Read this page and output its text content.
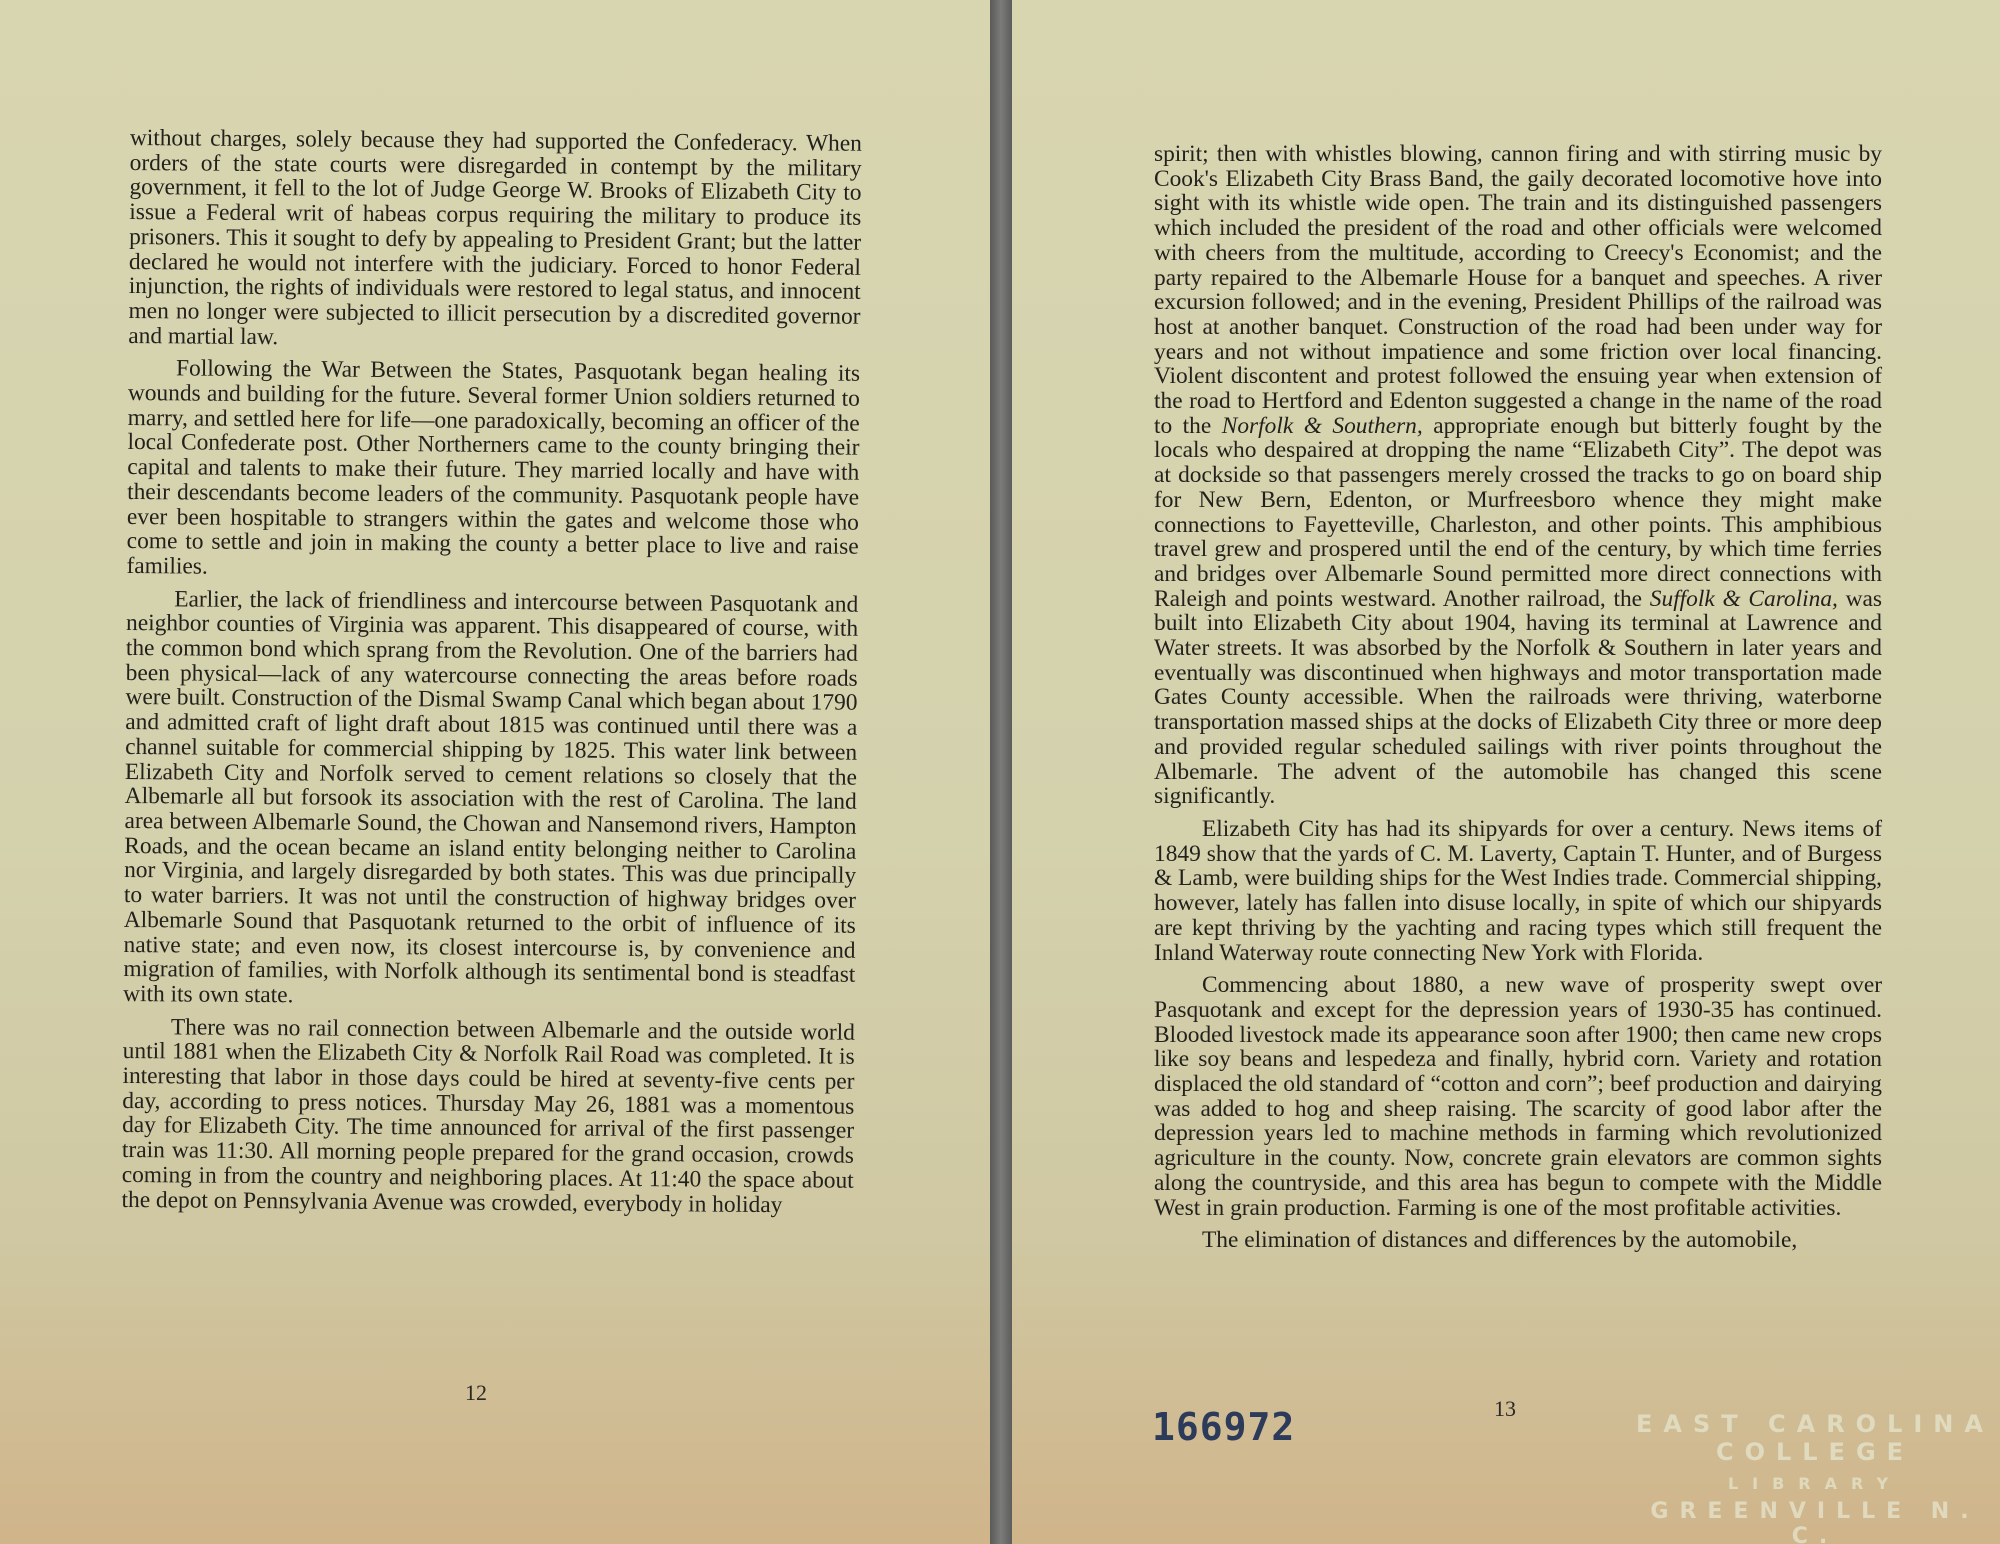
without charges, solely because they had supported the Confederacy. When orders of the state courts were disregarded in contempt by the military government, it fell to the lot of Judge George W. Brooks of Elizabeth City to issue a Federal writ of habeas corpus requiring the military to produce its prisoners. This it sought to defy by appealing to President Grant; but the latter declared he would not interfere with the judiciary. Forced to honor Federal injunction, the rights of individuals were restored to legal status, and innocent men no longer were subjected to illicit persecution by a discredited governor and martial law.

Following the War Between the States, Pasquotank began healing its wounds and building for the future. Several former Union soldiers returned to marry, and settled here for life—one paradoxically, becoming an officer of the local Confederate post. Other Northerners came to the county bringing their capital and talents to make their future. They married locally and have with their descendants become leaders of the community. Pasquotank people have ever been hospitable to strangers within the gates and welcome those who come to settle and join in making the county a better place to live and raise families.

Earlier, the lack of friendliness and intercourse between Pasquotank and neighbor counties of Virginia was apparent. This disappeared of course, with the common bond which sprang from the Revolution. One of the barriers had been physical—lack of any watercourse connecting the areas before roads were built. Construction of the Dismal Swamp Canal which began about 1790 and admitted craft of light draft about 1815 was continued until there was a channel suitable for commercial shipping by 1825. This water link between Elizabeth City and Norfolk served to cement relations so closely that the Albemarle all but forsook its association with the rest of Carolina. The land area between Albemarle Sound, the Chowan and Nansemond rivers, Hampton Roads, and the ocean became an island entity belonging neither to Carolina nor Virginia, and largely disregarded by both states. This was due principally to water barriers. It was not until the construction of highway bridges over Albemarle Sound that Pasquotank returned to the orbit of influence of its native state; and even now, its closest intercourse is, by convenience and migration of families, with Norfolk although its sentimental bond is steadfast with its own state.

There was no rail connection between Albemarle and the outside world until 1881 when the Elizabeth City & Norfolk Rail Road was completed. It is interesting that labor in those days could be hired at seventy-five cents per day, according to press notices. Thursday May 26, 1881 was a momentous day for Elizabeth City. The time announced for arrival of the first passenger train was 11:30. All morning people prepared for the grand occasion, crowds coming in from the country and neighboring places. At 11:40 the space about the depot on Pennsylvania Avenue was crowded, everybody in holiday

12

spirit; then with whistles blowing, cannon firing and with stirring music by Cook's Elizabeth City Brass Band, the gaily decorated locomotive hove into sight with its whistle wide open. The train and its distinguished passengers which included the president of the road and other officials were welcomed with cheers from the multitude, according to Creecy's Economist; and the party repaired to the Albemarle House for a banquet and speeches. A river excursion followed; and in the evening, President Phillips of the railroad was host at another banquet. Construction of the road had been under way for years and not without impatience and some friction over local financing. Violent discontent and protest followed the ensuing year when extension of the road to Hertford and Edenton suggested a change in the name of the road to the Norfolk & Southern, appropriate enough but bitterly fought by the locals who despaired at dropping the name “Elizabeth City”. The depot was at dockside so that passengers merely crossed the tracks to go on board ship for New Bern, Edenton, or Murfreesboro whence they might make connections to Fayetteville, Charleston, and other points. This amphibious travel grew and prospered until the end of the century, by which time ferries and bridges over Albemarle Sound permitted more direct connections with Raleigh and points westward. Another railroad, the Suffolk & Carolina, was built into Elizabeth City about 1904, having its terminal at Lawrence and Water streets. It was absorbed by the Norfolk & Southern in later years and eventually was discontinued when highways and motor transportation made Gates County accessible. When the railroads were thriving, waterborne transportation massed ships at the docks of Elizabeth City three or more deep and provided regular scheduled sailings with river points throughout the Albemarle. The advent of the automobile has changed this scene significantly.

Elizabeth City has had its shipyards for over a century. News items of 1849 show that the yards of C. M. Laverty, Captain T. Hunter, and of Burgess & Lamb, were building ships for the West Indies trade. Commercial shipping, however, lately has fallen into disuse locally, in spite of which our shipyards are kept thriving by the yachting and racing types which still frequent the Inland Waterway route connecting New York with Florida.

Commencing about 1880, a new wave of prosperity swept over Pasquotank and except for the depression years of 1930-35 has continued. Blooded livestock made its appearance soon after 1900; then came new crops like soy beans and lespedeza and finally, hybrid corn. Variety and rotation displaced the old standard of “cotton and corn”; beef production and dairying was added to hog and sheep raising. The scarcity of good labor after the depression years led to machine methods in farming which revolutionized agriculture in the county. Now, concrete grain elevators are common sights along the countryside, and this area has begun to compete with the Middle West in grain production. Farming is one of the most profitable activities.

The elimination of distances and differences by the automobile,

166972	13
EAST CAROLINA COLLEGE
LIBRARY
GREENVILLE N. C.
